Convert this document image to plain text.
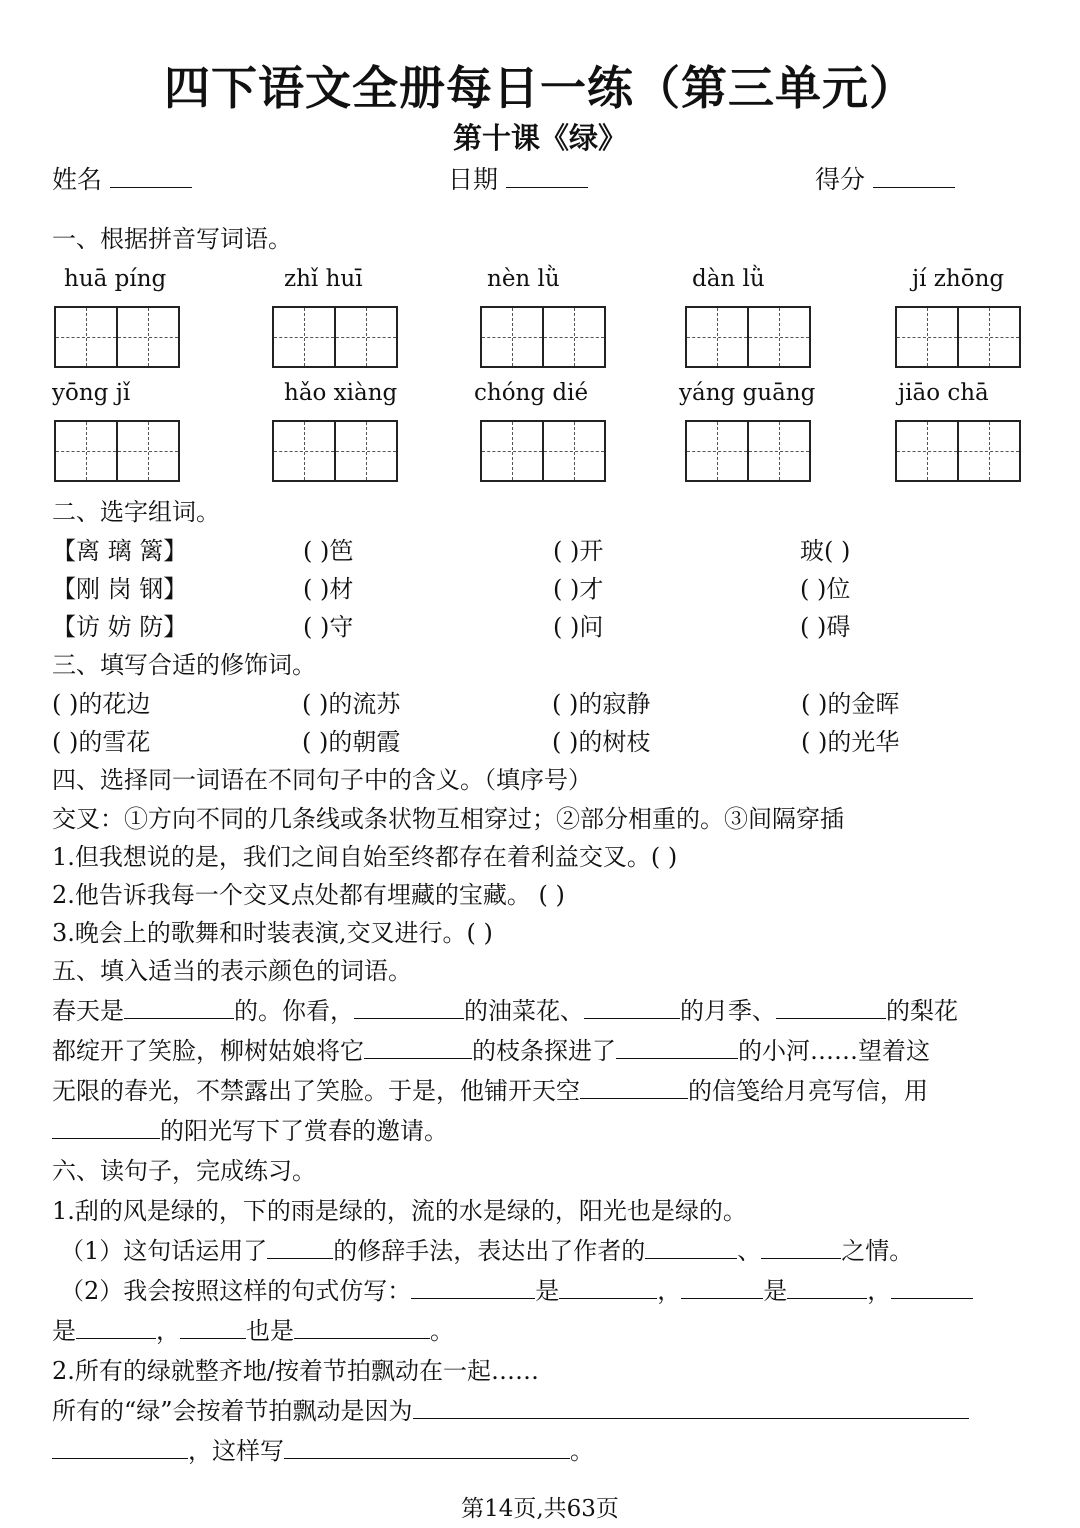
四下语文全册每日一练（第三单元）
第十课《绿》
姓名	日期	得分
一、根据拼音写词语。
huā píng	zhǐ huī	nèn lǜ	dàn lǜ	jí zhōng
yōng jǐ	hǎo xiàng	chóng dié	yáng guāng	jiāo chā
二、选字组词。
【离 璃 篱】	( )笆	( )开	玻( )
【刚 岗 钢】	( )材	( )才	( )位
【访 妨 防】	( )守	( )问	( )碍
三、填写合适的修饰词。
( )的花边	( )的流苏	( )的寂静	( )的金晖
( )的雪花	( )的朝霞	( )的树枝	( )的光华
四、选择同一词语在不同句子中的含义。（填序号）
交叉：①方向不同的几条线或条状物互相穿过；②部分相重的。③间隔穿插
1.但我想说的是，我们之间自始至终都存在着利益交叉。( )
2.他告诉我每一个交叉点处都有埋藏的宝藏。 ( )
3.晚会上的歌舞和时装表演,交叉进行。( )
五、填入适当的表示颜色的词语。
春天是	的。你看，	的油菜花、	的月季、	的梨花
都绽开了笑脸，柳树姑娘将它	的枝条探进了	的小河……望着这
无限的春光，不禁露出了笑脸。于是，他铺开天空	的信笺给月亮写信，用
的阳光写下了赏春的邀请。
六、读句子，完成练习。
1.刮的风是绿的，下的雨是绿的，流的水是绿的，阳光也是绿的。
（1）这句话运用了	的修辞手法，表达出了作者的	、	之情。
（2）我会按照这样的句式仿写：	是	，	是	，
是	，	也是	。
2.所有的绿就整齐地/按着节拍飘动在一起……
所有的“绿”会按着节拍飘动是因为
，这样写	。
第14页,共63页
